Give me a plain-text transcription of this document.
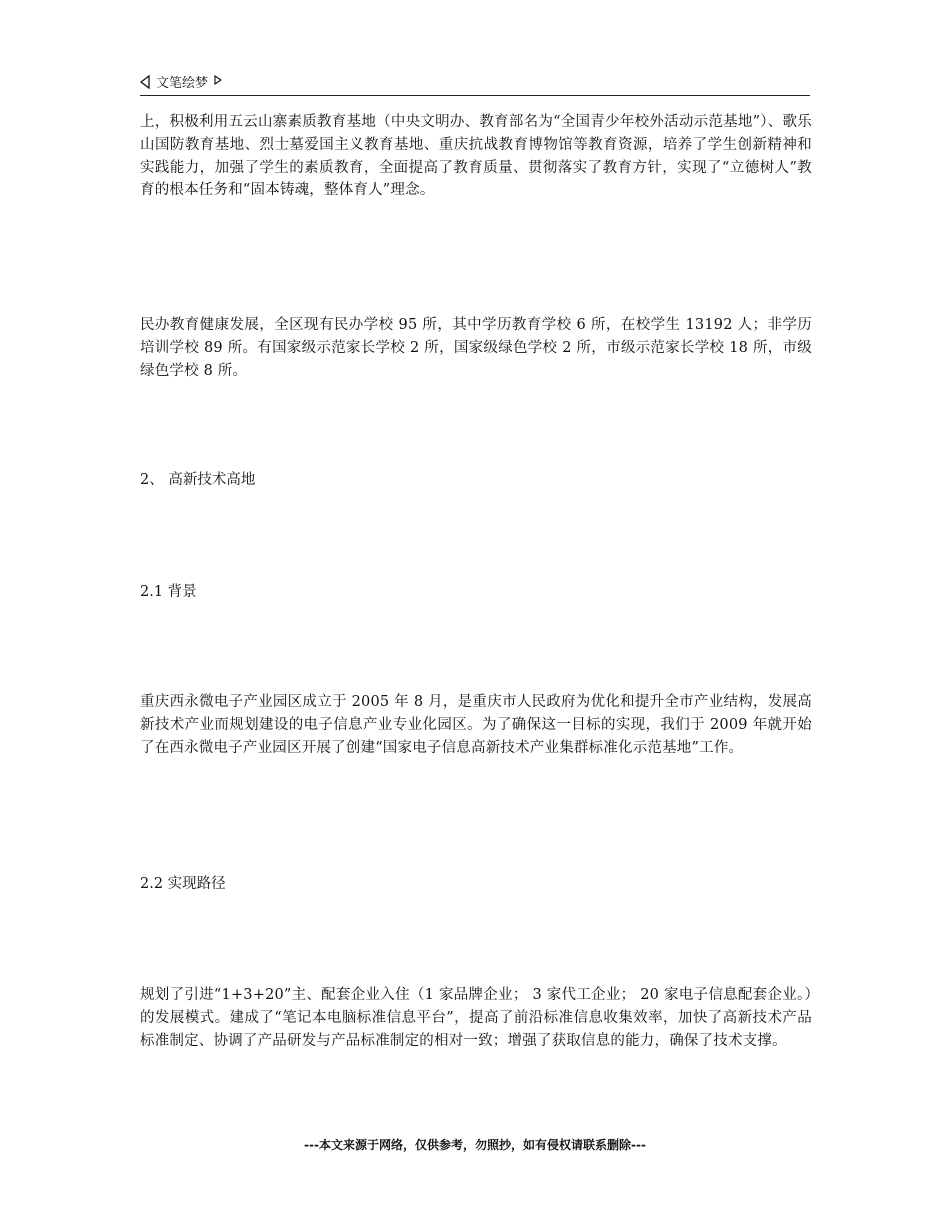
文笔绘梦

上，积极利用五云山寨素质教育基地（中央文明办、教育部名为“全国青少年校外活动示范基地”）、歌乐山国防教育基地、烈士墓爱国主义教育基地、重庆抗战教育博物馆等教育资源，培养了学生创新精神和实践能力，加强了学生的素质教育，全面提高了教育质量、贯彻落实了教育方针，实现了“立德树人”教育的根本任务和“固本铸魂，整体育人”理念。

民办教育健康发展，全区现有民办学校 95 所，其中学历教育学校 6 所，在校学生 13192 人；非学历培训学校 89 所。有国家级示范家长学校 2 所，国家级绿色学校 2 所，市级示范家长学校 18 所，市级绿色学校 8 所。

2、 高新技术高地

2.1 背景

重庆西永微电子产业园区成立于 2005 年 8 月，是重庆市人民政府为优化和提升全市产业结构，发展高新技术产业而规划建设的电子信息产业专业化园区。为了确保这一目标的实现，我们于 2009 年就开始了在西永微电子产业园区开展了创建“国家电子信息高新技术产业集群标准化示范基地”工作。

2.2 实现路径

规划了引进“1+3+20”主、配套企业入住（1 家品牌企业； 3 家代工企业； 20 家电子信息配套企业。）的发展模式。建成了“笔记本电脑标准信息平台”，提高了前沿标准信息收集效率，加快了高新技术产品标准制定、协调了产品研发与产品标准制定的相对一致；增强了获取信息的能力，确保了技术支撑。

---本文来源于网络，仅供参考，勿照抄，如有侵权请联系删除---
